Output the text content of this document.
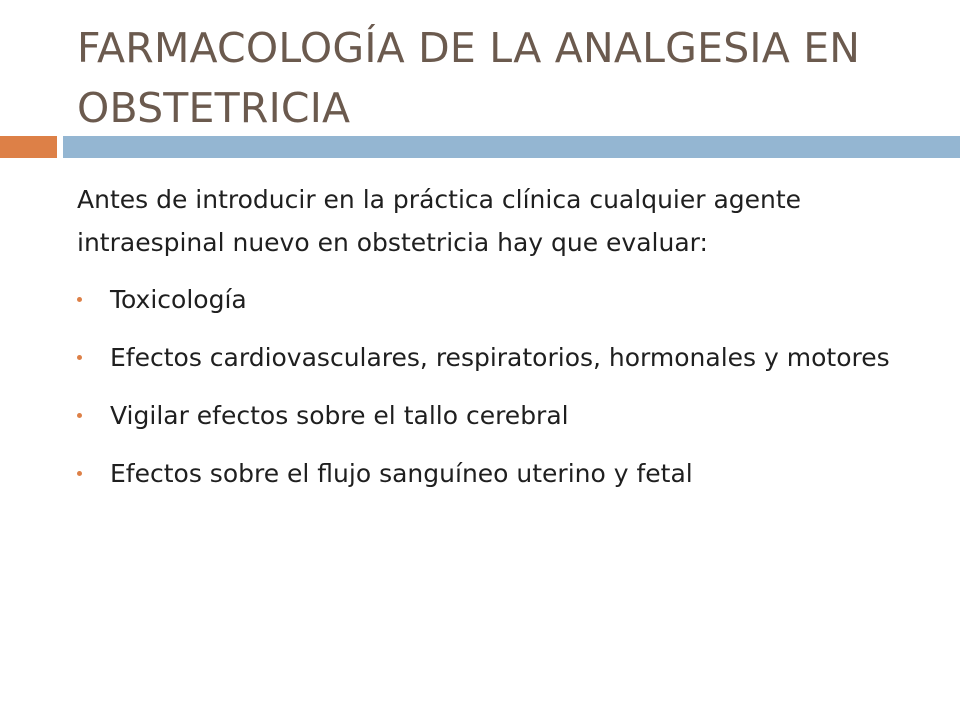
FARMACOLOGÍA DE LA ANALGESIA EN OBSTETRICIA

Antes de introducir en la práctica clínica cualquier agente intraespinal nuevo en obstetricia hay que evaluar:

Toxicología
Efectos cardiovasculares, respiratorios, hormonales y motores
Vigilar efectos sobre el tallo cerebral
Efectos sobre el flujo sanguíneo uterino y fetal
